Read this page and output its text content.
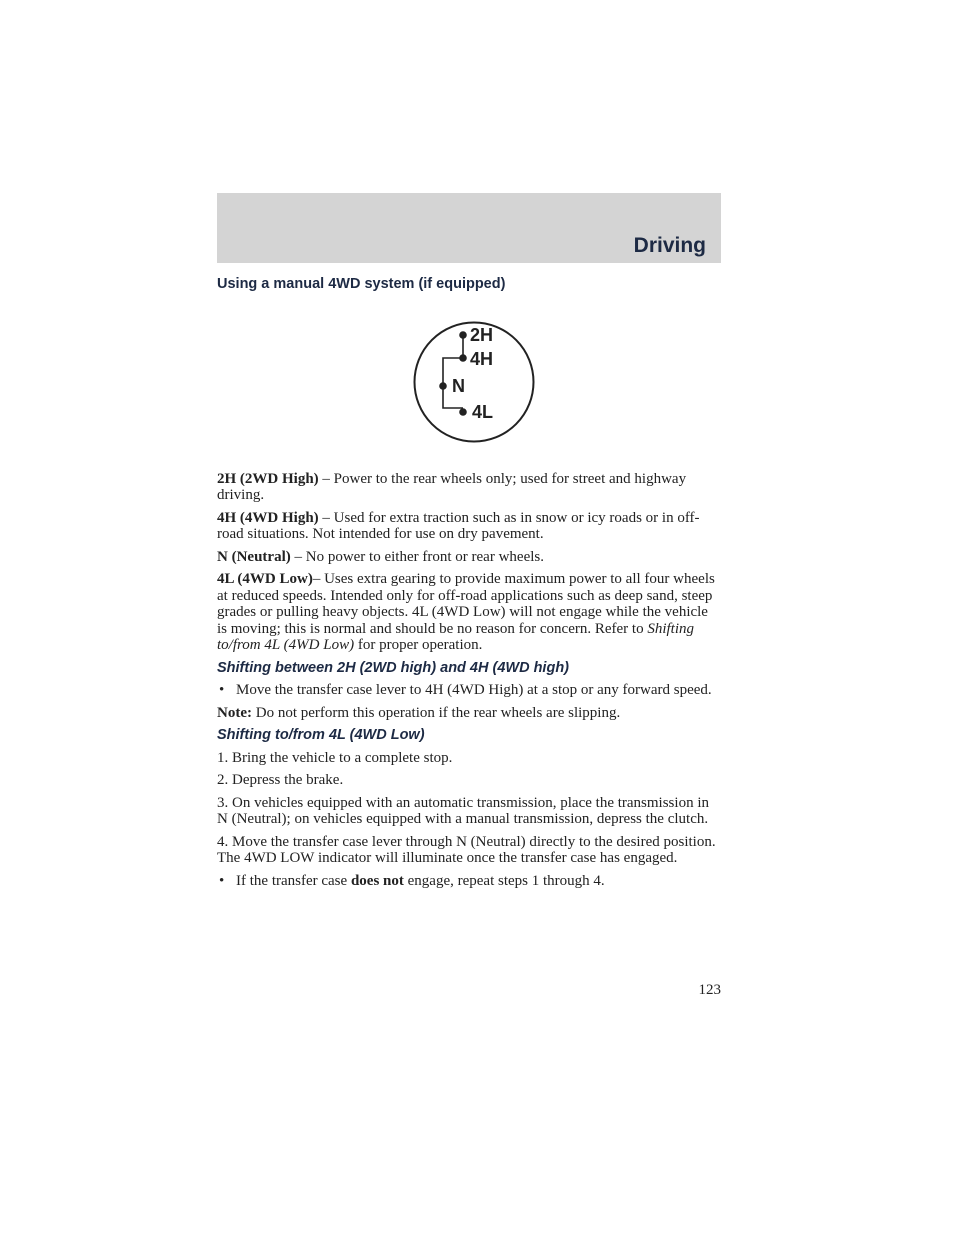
Driving
Using a manual 4WD system (if equipped)
2H
4H
N
4L

2H (2WD High) – Power to the rear wheels only; used for street and highway driving.

4H (4WD High) – Used for extra traction such as in snow or icy roads or in off-road situations. Not intended for use on dry pavement.

N (Neutral) – No power to either front or rear wheels.

4L (4WD Low)– Uses extra gearing to provide maximum power to all four wheels at reduced speeds. Intended only for off-road applications such as deep sand, steep grades or pulling heavy objects. 4L (4WD Low) will not engage while the vehicle is moving; this is normal and should be no reason for concern. Refer to Shifting to/from 4L (4WD Low) for proper operation.

Shifting between 2H (2WD high) and 4H (4WD high)
• Move the transfer case lever to 4H (4WD High) at a stop or any forward speed.

Note: Do not perform this operation if the rear wheels are slipping.

Shifting to/from 4L (4WD Low)

1. Bring the vehicle to a complete stop.

2. Depress the brake.

3. On vehicles equipped with an automatic transmission, place the transmission in N (Neutral); on vehicles equipped with a manual transmission, depress the clutch.

4. Move the transfer case lever through N (Neutral) directly to the desired position. The 4WD LOW indicator will illuminate once the transfer case has engaged.

• If the transfer case does not engage, repeat steps 1 through 4.
123
